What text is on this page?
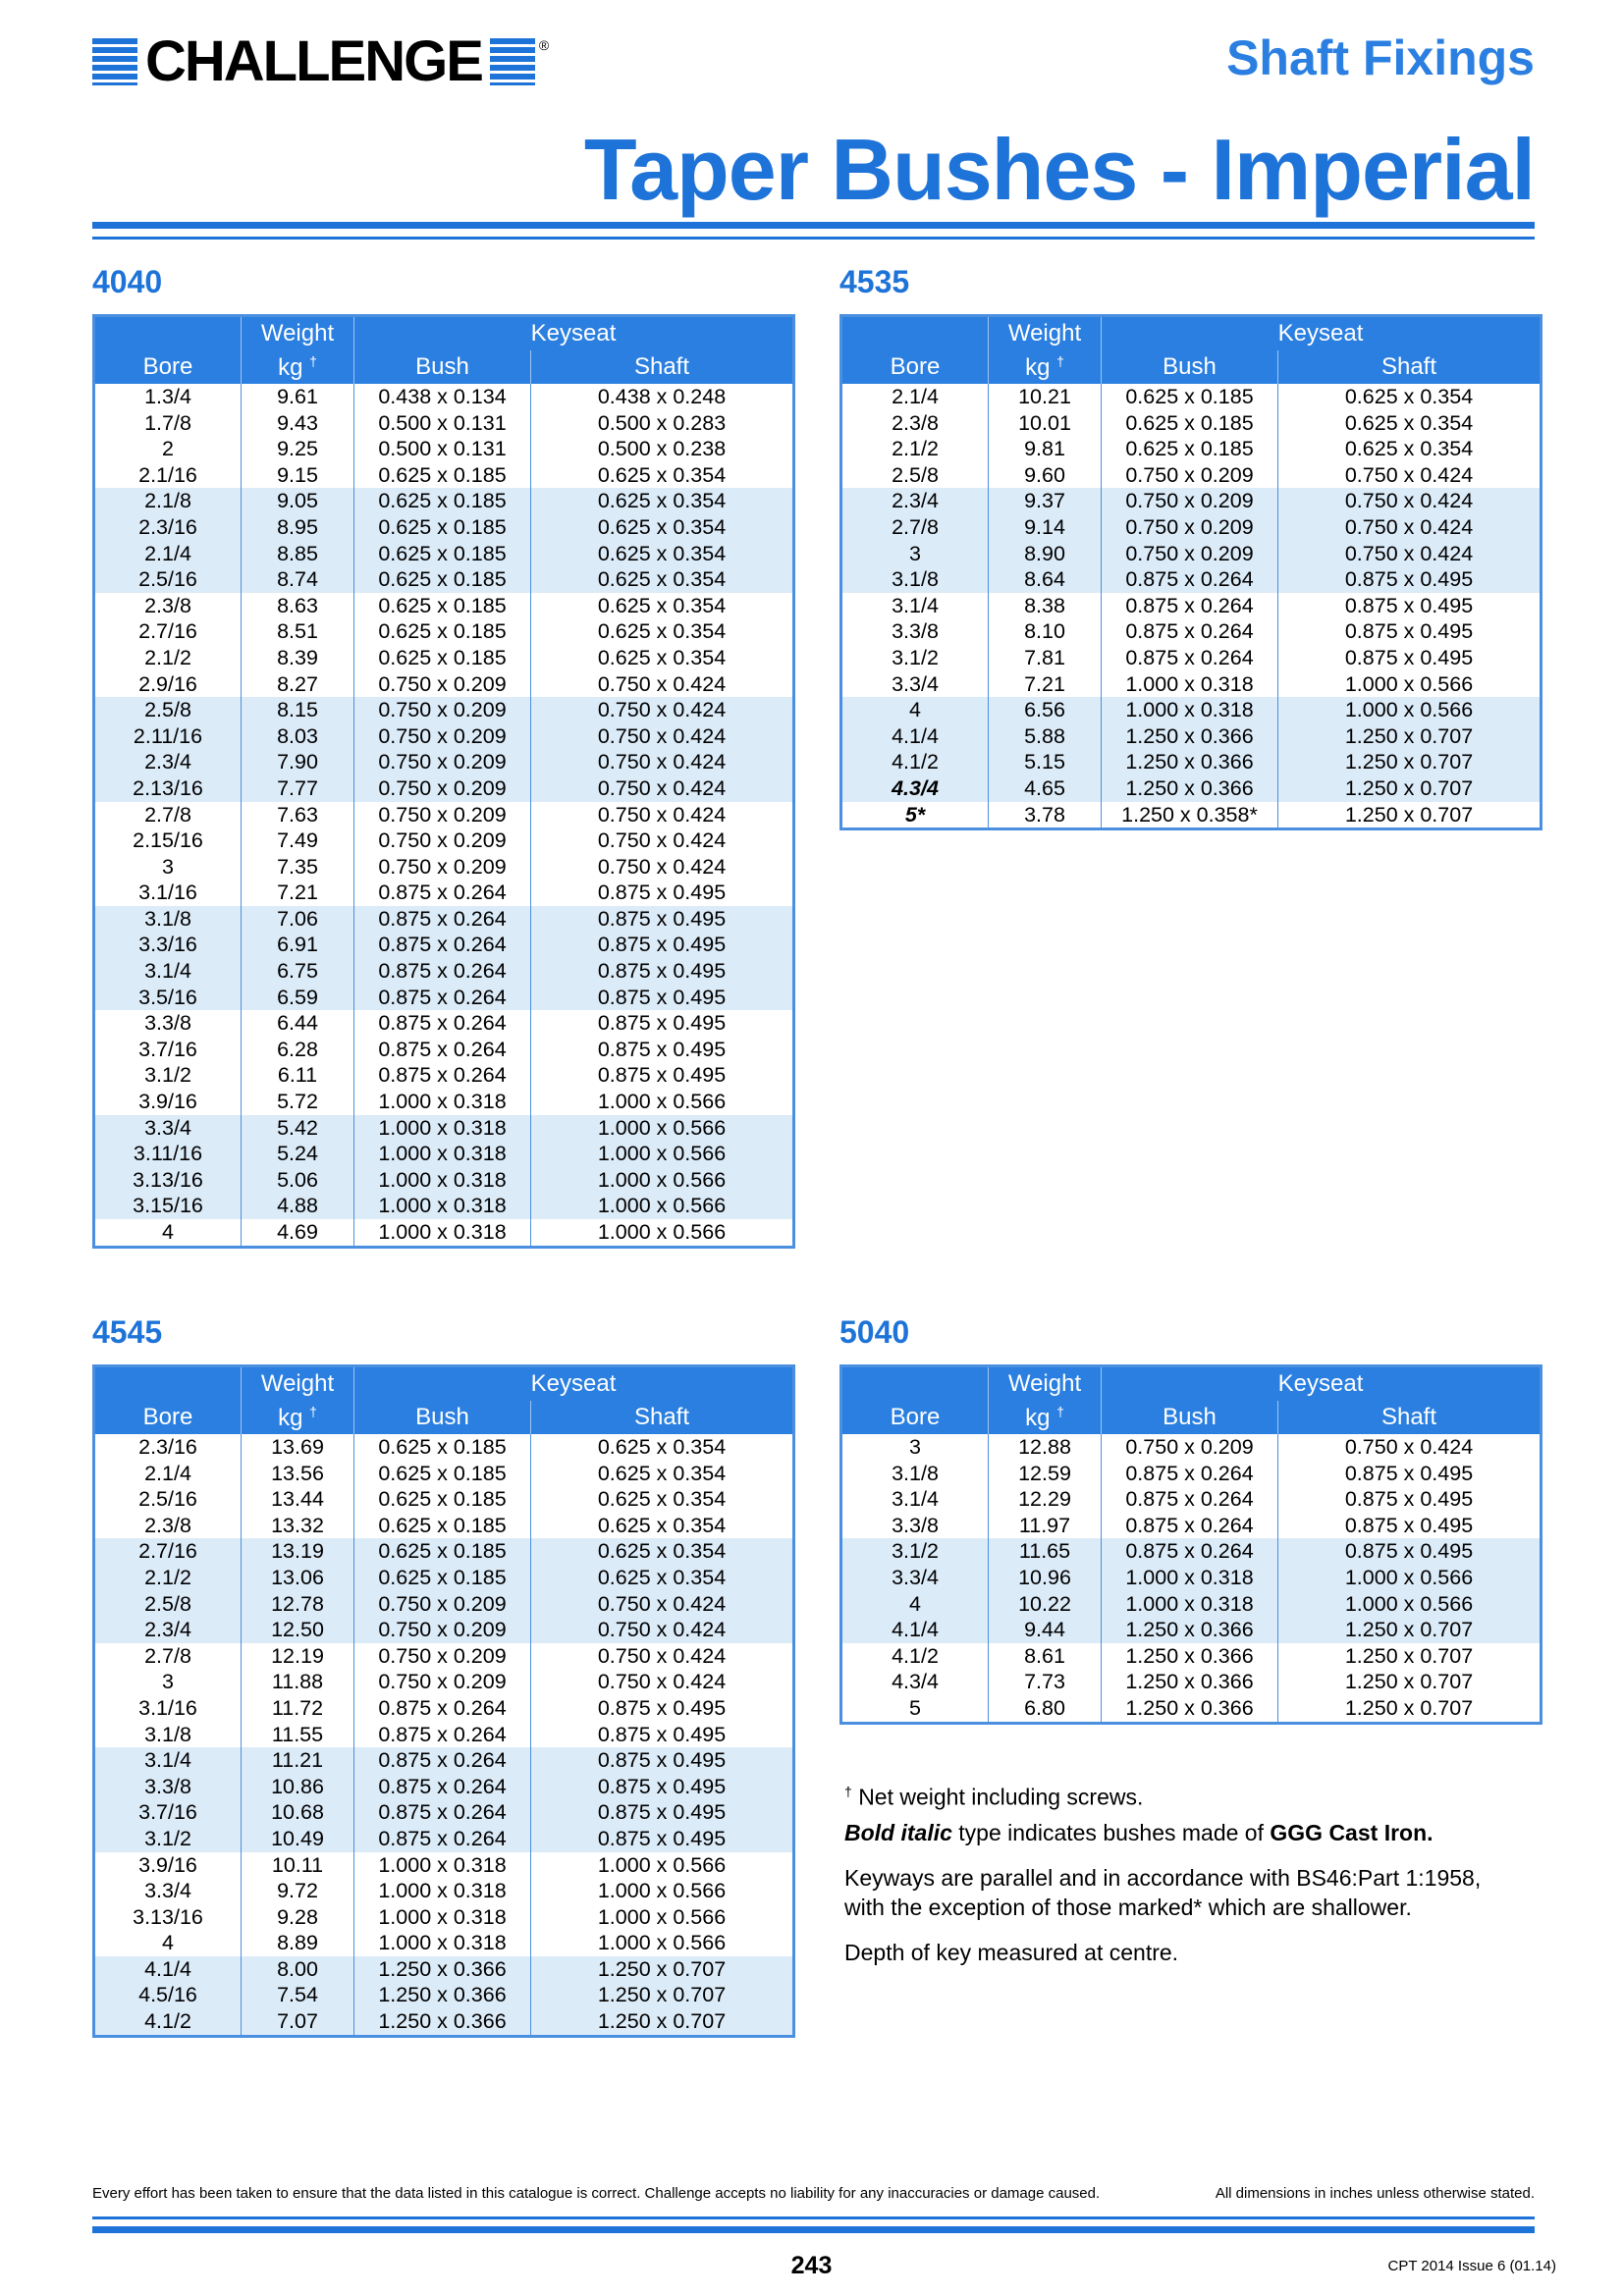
CHALLENGE	®	Shaft Fixings
Taper Bushes - Imperial
4040
	Weight	Keyseat	
Bore	kg †	Bush	Shaft
1.3/4	9.61	0.438 x 0.134	0.438 x 0.248
1.7/8	9.43	0.500 x 0.131	0.500 x 0.283
2	9.25	0.500 x 0.131	0.500 x 0.238
2.1/16	9.15	0.625 x 0.185	0.625 x 0.354
2.1/8	9.05	0.625 x 0.185	0.625 x 0.354
2.3/16	8.95	0.625 x 0.185	0.625 x 0.354
2.1/4	8.85	0.625 x 0.185	0.625 x 0.354
2.5/16	8.74	0.625 x 0.185	0.625 x 0.354
2.3/8	8.63	0.625 x 0.185	0.625 x 0.354
2.7/16	8.51	0.625 x 0.185	0.625 x 0.354
2.1/2	8.39	0.625 x 0.185	0.625 x 0.354
2.9/16	8.27	0.750 x 0.209	0.750 x 0.424
2.5/8	8.15	0.750 x 0.209	0.750 x 0.424
2.11/16	8.03	0.750 x 0.209	0.750 x 0.424
2.3/4	7.90	0.750 x 0.209	0.750 x 0.424
2.13/16	7.77	0.750 x 0.209	0.750 x 0.424
2.7/8	7.63	0.750 x 0.209	0.750 x 0.424
2.15/16	7.49	0.750 x 0.209	0.750 x 0.424
3	7.35	0.750 x 0.209	0.750 x 0.424
3.1/16	7.21	0.875 x 0.264	0.875 x 0.495
3.1/8	7.06	0.875 x 0.264	0.875 x 0.495
3.3/16	6.91	0.875 x 0.264	0.875 x 0.495
3.1/4	6.75	0.875 x 0.264	0.875 x 0.495
3.5/16	6.59	0.875 x 0.264	0.875 x 0.495
3.3/8	6.44	0.875 x 0.264	0.875 x 0.495
3.7/16	6.28	0.875 x 0.264	0.875 x 0.495
3.1/2	6.11	0.875 x 0.264	0.875 x 0.495
3.9/16	5.72	1.000 x 0.318	1.000 x 0.566
3.3/4	5.42	1.000 x 0.318	1.000 x 0.566
3.11/16	5.24	1.000 x 0.318	1.000 x 0.566
3.13/16	5.06	1.000 x 0.318	1.000 x 0.566
3.15/16	4.88	1.000 x 0.318	1.000 x 0.566
4	4.69	1.000 x 0.318	1.000 x 0.566
4535
	Weight	Keyseat	
Bore	kg †	Bush	Shaft
2.1/4	10.21	0.625 x 0.185	0.625 x 0.354
2.3/8	10.01	0.625 x 0.185	0.625 x 0.354
2.1/2	9.81	0.625 x 0.185	0.625 x 0.354
2.5/8	9.60	0.750 x 0.209	0.750 x 0.424
2.3/4	9.37	0.750 x 0.209	0.750 x 0.424
2.7/8	9.14	0.750 x 0.209	0.750 x 0.424
3	8.90	0.750 x 0.209	0.750 x 0.424
3.1/8	8.64	0.875 x 0.264	0.875 x 0.495
3.1/4	8.38	0.875 x 0.264	0.875 x 0.495
3.3/8	8.10	0.875 x 0.264	0.875 x 0.495
3.1/2	7.81	0.875 x 0.264	0.875 x 0.495
3.3/4	7.21	1.000 x 0.318	1.000 x 0.566
4	6.56	1.000 x 0.318	1.000 x 0.566
4.1/4	5.88	1.250 x 0.366	1.250 x 0.707
4.1/2	5.15	1.250 x 0.366	1.250 x 0.707
4.3/4	4.65	1.250 x 0.366	1.250 x 0.707
5*	3.78	1.250 x 0.358*	1.250 x 0.707
4545
	Weight	Keyseat	
Bore	kg †	Bush	Shaft
2.3/16	13.69	0.625 x 0.185	0.625 x 0.354
2.1/4	13.56	0.625 x 0.185	0.625 x 0.354
2.5/16	13.44	0.625 x 0.185	0.625 x 0.354
2.3/8	13.32	0.625 x 0.185	0.625 x 0.354
2.7/16	13.19	0.625 x 0.185	0.625 x 0.354
2.1/2	13.06	0.625 x 0.185	0.625 x 0.354
2.5/8	12.78	0.750 x 0.209	0.750 x 0.424
2.3/4	12.50	0.750 x 0.209	0.750 x 0.424
2.7/8	12.19	0.750 x 0.209	0.750 x 0.424
3	11.88	0.750 x 0.209	0.750 x 0.424
3.1/16	11.72	0.875 x 0.264	0.875 x 0.495
3.1/8	11.55	0.875 x 0.264	0.875 x 0.495
3.1/4	11.21	0.875 x 0.264	0.875 x 0.495
3.3/8	10.86	0.875 x 0.264	0.875 x 0.495
3.7/16	10.68	0.875 x 0.264	0.875 x 0.495
3.1/2	10.49	0.875 x 0.264	0.875 x 0.495
3.9/16	10.11	1.000 x 0.318	1.000 x 0.566
3.3/4	9.72	1.000 x 0.318	1.000 x 0.566
3.13/16	9.28	1.000 x 0.318	1.000 x 0.566
4	8.89	1.000 x 0.318	1.000 x 0.566
4.1/4	8.00	1.250 x 0.366	1.250 x 0.707
4.5/16	7.54	1.250 x 0.366	1.250 x 0.707
4.1/2	7.07	1.250 x 0.366	1.250 x 0.707
5040
	Weight	Keyseat	
Bore	kg †	Bush	Shaft
3	12.88	0.750 x 0.209	0.750 x 0.424
3.1/8	12.59	0.875 x 0.264	0.875 x 0.495
3.1/4	12.29	0.875 x 0.264	0.875 x 0.495
3.3/8	11.97	0.875 x 0.264	0.875 x 0.495
3.1/2	11.65	0.875 x 0.264	0.875 x 0.495
3.3/4	10.96	1.000 x 0.318	1.000 x 0.566
4	10.22	1.000 x 0.318	1.000 x 0.566
4.1/4	9.44	1.250 x 0.366	1.250 x 0.707
4.1/2	8.61	1.250 x 0.366	1.250 x 0.707
4.3/4	7.73	1.250 x 0.366	1.250 x 0.707
5	6.80	1.250 x 0.366	1.250 x 0.707

† Net weight including screws.

Bold italic type indicates bushes made of GGG Cast Iron.

Keyways are parallel and in accordance with BS46:Part 1:1958,
with the exception of those marked* which are shallower.

Depth of key measured at centre.

Every effort has been taken to ensure that the data listed in this catalogue is correct. Challenge accepts no liability for any inaccuracies or damage caused.	All dimensions in inches unless otherwise stated.
243	CPT 2014 Issue 6 (01.14)
